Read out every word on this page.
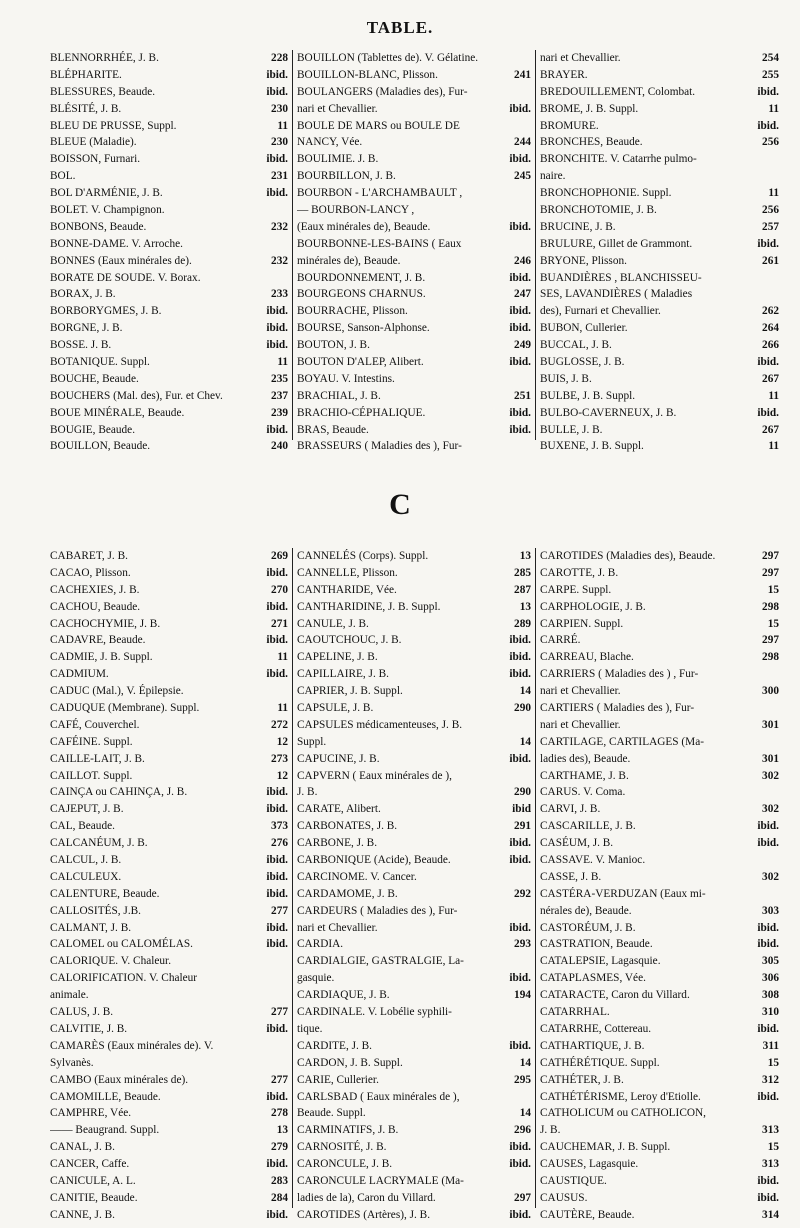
TABLE.
BLENNORRHÉE, J. B.	228
BLÉPHARITE.	ibid.
BLESSURES, Beaude.	ibid.
BLÉSITÉ, J. B.	230
BLEU DE PRUSSE, Suppl.	11
BLEUE (Maladie).	230
BOISSON, Furnari.	ibid.
BOL.	231
BOL D'ARMÉNIE, J. B.	ibid.
BOLET. V. Champignon.
BONBONS, Beaude.	232
BONNE-DAME. V. Arroche.
BONNES (Eaux minérales de).	232
BORATE DE SOUDE. V. Borax.
BORAX, J. B.	233
BORBORYGMES, J. B.	ibid.
BORGNE, J. B.	ibid.
BOSSE. J. B.	ibid.
BOTANIQUE. Suppl.	11
BOUCHE, Beaude.	235
BOUCHERS (Mal. des), Fur. et Chev.	237
BOUE MINÉRALE, Beaude.	239
BOUGIE, Beaude.	ibid.
BOUILLON, Beaude.	240
BOUILLON (Tablettes de). V. Gélatine.
BOUILLON-BLANC, Plisson.	241
BOULANGERS (Maladies des), Fur-
nari et Chevallier.	ibid.
BOULE DE MARS ou BOULE DE
NANCY, Vée.	244
BOULIMIE. J. B.	ibid.
BOURBILLON, J. B.	245
BOURBON - L'ARCHAMBAULT ,
— BOURBON-LANCY ,
(Eaux minérales de), Beaude.	ibid.
BOURBONNE-LES-BAINS ( Eaux
minérales de), Beaude.	246
BOURDONNEMENT, J. B.	ibid.
BOURGEONS CHARNUS.	247
BOURRACHE, Plisson.	ibid.
BOURSE, Sanson-Alphonse.	ibid.
BOUTON, J. B.	249
BOUTON D'ALEP, Alibert.	ibid.
BOYAU. V. Intestins.
BRACHIAL, J. B.	251
BRACHIO-CÉPHALIQUE.	ibid.
BRAS, Beaude.	ibid.
BRASSEURS ( Maladies des ), Fur-
nari et Chevallier.	254
BRAYER.	255
BREDOUILLEMENT, Colombat.	ibid.
BROME, J. B. Suppl.	11
BROMURE.	ibid.
BRONCHES, Beaude.	256
BRONCHITE. V. Catarrhe pulmo-
naire.
BRONCHOPHONIE. Suppl.	11
BRONCHOTOMIE, J. B.	256
BRUCINE, J. B.	257
BRULURE, Gillet de Grammont.	ibid.
BRYONE, Plisson.	261
BUANDIÈRES , BLANCHISSEU-
SES, LAVANDIÈRES ( Maladies
des), Furnari et Chevallier.	262
BUBON, Cullerier.	264
BUCCAL, J. B.	266
BUGLOSSE, J. B.	ibid.
BUIS, J. B.	267
BULBE, J. B. Suppl.	11
BULBO-CAVERNEUX, J. B.	ibid.
BULLE, J. B.	267
BUXENE, J. B. Suppl.	11
C
CABARET, J. B.	269
CACAO, Plisson.	ibid.
CACHEXIES, J. B.	270
CACHOU, Beaude.	ibid.
CACHOCHYMIE, J. B.	271
CADAVRE, Beaude.	ibid.
CADMIE, J. B. Suppl.	11
CADMIUM.	ibid.
CADUC (Mal.), V. Épilepsie.
CADUQUE (Membrane). Suppl.	11
CAFÉ, Couverchel.	272
CAFÉINE. Suppl.	12
CAILLE-LAIT, J. B.	273
CAILLOT. Suppl.	12
CAINÇA ou CAHINÇA, J. B.	ibid.
CAJEPUT, J. B.	ibid.
CAL, Beaude.	373
CALCANÉUM, J. B.	276
CALCUL, J. B.	ibid.
CALCULEUX.	ibid.
CALENTURE, Beaude.	ibid.
CALLOSITÉS, J.B.	277
CALMANT, J. B.	ibid.
CALOMEL ou CALOMÉLAS.	ibid.
CALORIQUE. V. Chaleur.
CALORIFICATION. V. Chaleur
animale.
CALUS, J. B.	277
CALVITIE, J. B.	ibid.
CAMARÈS (Eaux minérales de). V.
Sylvanès.
CAMBO (Eaux minérales de).	277
CAMOMILLE, Beaude.	ibid.
CAMPHRE, Vée.	278
—— Beaugrand. Suppl.	13
CANAL, J. B.	279
CANCER, Caffe.	ibid.
CANICULE, A. L.	283
CANITIE, Beaude.	284
CANNE, J. B.	ibid.
CANNELÉS (Corps). Suppl.	13
CANNELLE, Plisson.	285
CANTHARIDE, Vée.	287
CANTHARIDINE, J. B. Suppl.	13
CANULE, J. B.	289
CAOUTCHOUC, J. B.	ibid.
CAPELINE, J. B.	ibid.
CAPILLAIRE, J. B.	ibid.
CAPRIER, J. B. Suppl.	14
CAPSULE, J. B.	290
CAPSULES médicamenteuses, J. B.
Suppl.	14
CAPUCINE, J. B.	ibid.
CAPVERN ( Eaux minérales de ),
J. B.	290
CARATE, Alibert.	ibid
CARBONATES, J. B.	291
CARBONE, J. B.	ibid.
CARBONIQUE (Acide), Beaude.	ibid.
CARCINOME. V. Cancer.
CARDAMOME, J. B.	292
CARDEURS ( Maladies des ), Fur-
nari et Chevallier.	ibid.
CARDIA.	293
CARDIALGIE, GASTRALGIE, La-
gasquie.	ibid.
CARDIAQUE, J. B.	194
CARDINALE. V. Lobélie syphili-
tique.
CARDITE, J. B.	ibid.
CARDON, J. B. Suppl.	14
CARIE, Cullerier.	295
CARLSBAD ( Eaux minérales de ),
Beaude. Suppl.	14
CARMINATIFS, J. B.	296
CARNOSITÉ, J. B.	ibid.
CARONCULE, J. B.	ibid.
CARONCULE LACRYMALE (Ma-
ladies de la), Caron du Villard.	297
CAROTIDES (Artères), J. B.	ibid.
CAROTIDES (Maladies des), Beaude.	297
CAROTTE, J. B.	297
CARPE. Suppl.	15
CARPHOLOGIE, J. B.	298
CARPIEN. Suppl.	15
CARRÉ.	297
CARREAU, Blache.	298
CARRIERS ( Maladies des ) , Fur-
nari et Chevallier.	300
CARTIERS ( Maladies des ), Fur-
nari et Chevallier.	301
CARTILAGE, CARTILAGES (Ma-
ladies des), Beaude.	301
CARTHAME, J. B.	302
CARUS. V. Coma.
CARVI, J. B.	302
CASCARILLE, J. B.	ibid.
CASÉUM, J. B.	ibid.
CASSAVE. V. Manioc.
CASSE, J. B.	302
CASTÉRA-VERDUZAN (Eaux mi-
nérales de), Beaude.	303
CASTORÉUM, J. B.	ibid.
CASTRATION, Beaude.	ibid.
CATALEPSIE, Lagasquie.	305
CATAPLASMES, Vée.	306
CATARACTE, Caron du Villard.	308
CATARRHAL.	310
CATARRHE, Cottereau.	ibid.
CATHARTIQUE, J. B.	311
CATHÉRÉTIQUE. Suppl.	15
CATHÉTER, J. B.	312
CATHÉTÉRISME, Leroy d'Etiolle.	ibid.
CATHOLICUM ou CATHOLICON,
J. B.	313
CAUCHEMAR, J. B. Suppl.	15
CAUSES, Lagasquie.	313
CAUSTIQUE.	ibid.
CAUSUS.	ibid.
CAUTÈRE, Beaude.	314
